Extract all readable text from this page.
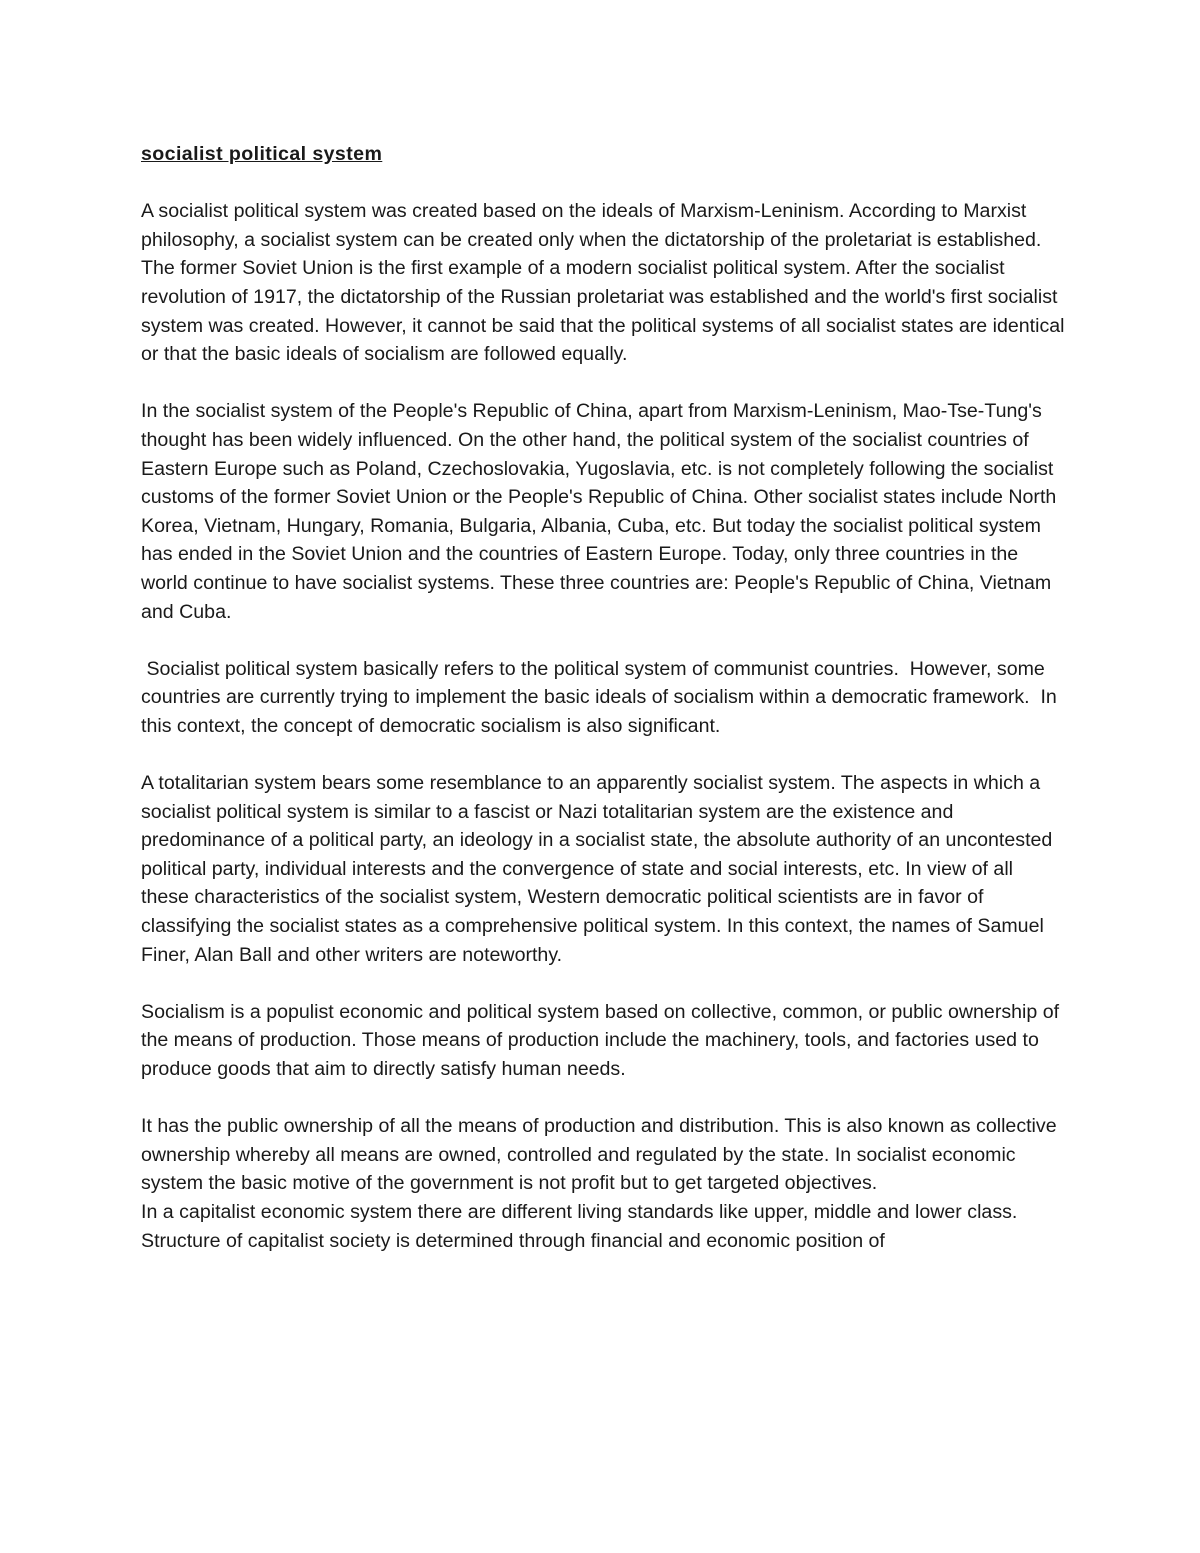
socialist political system

A socialist political system was created based on the ideals of Marxism-Leninism. According to Marxist philosophy, a socialist system can be created only when the dictatorship of the proletariat is established. The former Soviet Union is the first example of a modern socialist political system. After the socialist revolution of 1917, the dictatorship of the Russian proletariat was established and the world's first socialist system was created. However, it cannot be said that the political systems of all socialist states are identical or that the basic ideals of socialism are followed equally.

In the socialist system of the People's Republic of China, apart from Marxism-Leninism, Mao-Tse-Tung's thought has been widely influenced. On the other hand, the political system of the socialist countries of Eastern Europe such as Poland, Czechoslovakia, Yugoslavia, etc. is not completely following the socialist customs of the former Soviet Union or the People's Republic of China. Other socialist states include North Korea, Vietnam, Hungary, Romania, Bulgaria, Albania, Cuba, etc. But today the socialist political system has ended in the Soviet Union and the countries of Eastern Europe. Today, only three countries in the world continue to have socialist systems. These three countries are: People's Republic of China, Vietnam and Cuba.

Socialist political system basically refers to the political system of communist countries.  However, some countries are currently trying to implement the basic ideals of socialism within a democratic framework.  In this context, the concept of democratic socialism is also significant.

A totalitarian system bears some resemblance to an apparently socialist system. The aspects in which a socialist political system is similar to a fascist or Nazi totalitarian system are the existence and predominance of a political party, an ideology in a socialist state, the absolute authority of an uncontested political party, individual interests and the convergence of state and social interests, etc. In view of all these characteristics of the socialist system, Western democratic political scientists are in favor of classifying the socialist states as a comprehensive political system. In this context, the names of Samuel Finer, Alan Ball and other writers are noteworthy.

Socialism is a populist economic and political system based on collective, common, or public ownership of the means of production. Those means of production include the machinery, tools, and factories used to produce goods that aim to directly satisfy human needs.

It has the public ownership of all the means of production and distribution. This is also known as collective ownership whereby all means are owned, controlled and regulated by the state. In socialist economic system the basic motive of the government is not profit but to get targeted objectives.

In a capitalist economic system there are different living standards like upper, middle and lower class. Structure of capitalist society is determined through financial and economic position of
